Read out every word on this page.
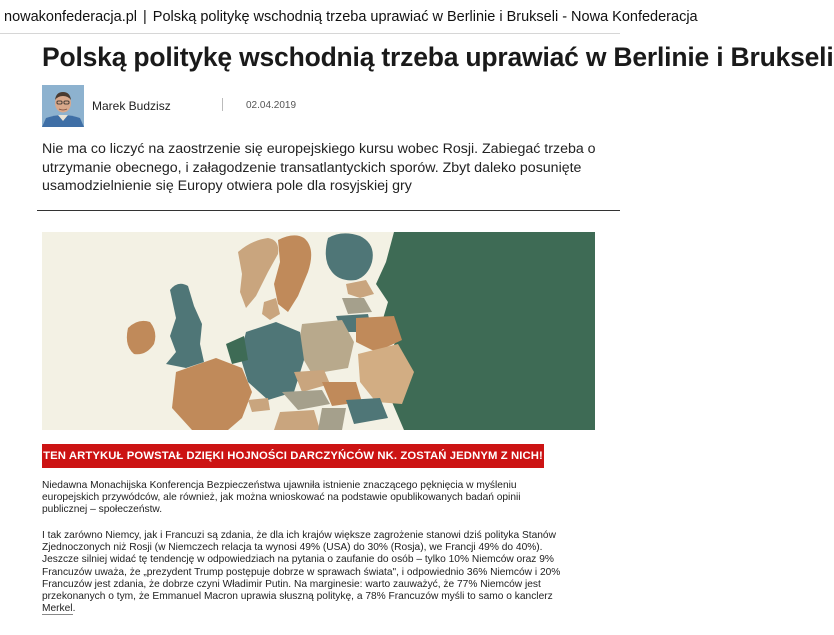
nowakonfederacja.pl | Polską politykę wschodnią trzeba uprawiać w Berlinie i Brukseli - Nowa Konfederacja
Polską politykę wschodnią trzeba uprawiać w Berlinie i Brukseli
Marek Budzisz	02.04.2019
Nie ma co liczyć na zaostrzenie się europejskiego kursu wobec Rosji. Zabiegać trzeba o utrzymanie obecnego, i załagodzenie transatlantyckich sporów. Zbyt daleko posunięte usamodzielnienie się Europy otwiera pole dla rosyjskiej gry
TEN ARTYKUŁ POWSTAŁ DZIĘKI HOJNOŚCI DARCZYŃCÓW NK. ZOSTAŃ JEDNYM Z NICH!
Niedawna Monachijska Konferencja Bezpieczeństwa ujawniła istnienie znaczącego pęknięcia w myśleniu europejskich przywódców, ale również, jak można wnioskować na podstawie opublikowanych badań opinii publicznej – społeczeństw.
I tak zarówno Niemcy, jak i Francuzi są zdania, że dla ich krajów większe zagrożenie stanowi dziś polityka Stanów Zjednoczonych niż Rosji (w Niemczech relacja ta wynosi 49% (USA) do 30% (Rosja), we Francji 49% do 40%). Jeszcze silniej widać tę tendencję w odpowiedziach na pytania o zaufanie do osób – tylko 10% Niemców oraz 9% Francuzów uważa, że „prezydent Trump postępuje dobrze w sprawach świata", i odpowiednio 36% Niemców i 20% Francuzów jest zdania, że dobrze czyni Władimir Putin. Na marginesie: warto zauważyć, że 77% Niemców jest przekonanych o tym, że Emmanuel Macron uprawia słuszną politykę, a 78% Francuzów myśli to samo o kanclerz Merkel.
